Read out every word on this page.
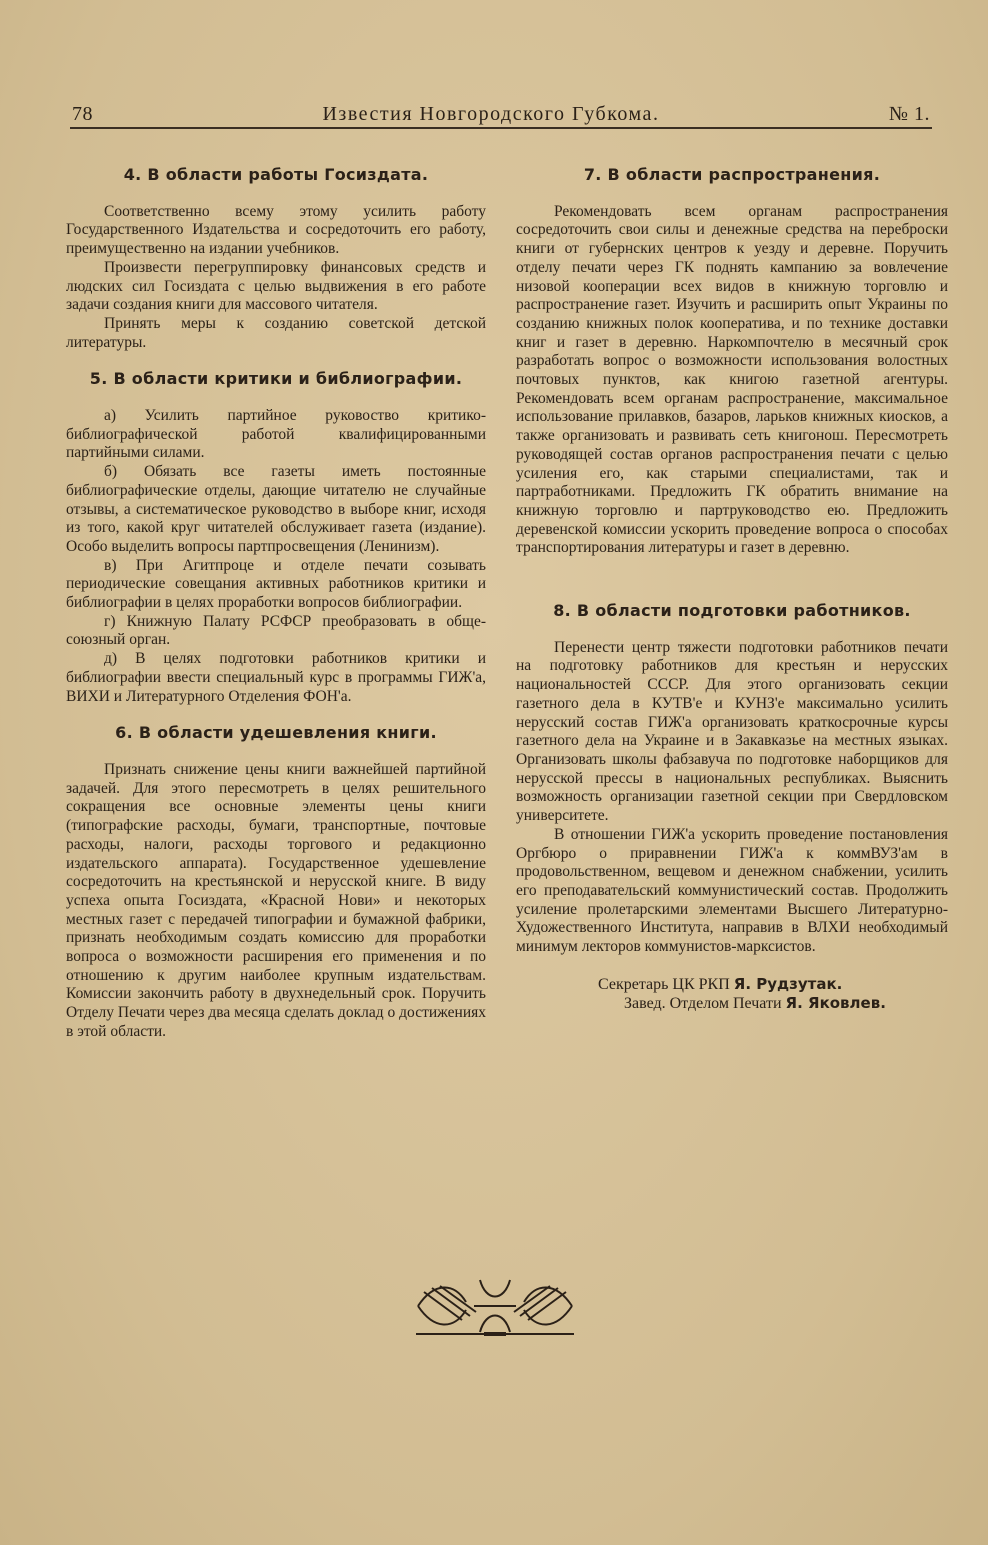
78	Известия Новгородского Губкома.	№ 1.
4. В области работы Госиздата.

Соответственно всему этому усилить работу Государственного Издательства и сосредоточить его работу, преимущественно на издании учебников.

Произвести перегруппировку финансовых средств и людских сил Госиздата с целью выдвижения в его работе задачи создания книги для массового читателя.

Принять меры к созданию советской детской литературы.

5. В области критики и библиографии.

а) Усилить партийное руковоство критико-библиографической работой квалифицированными партийными силами.

б) Обязать все газеты иметь постоянные библиографические отделы, дающие читателю не случайные отзывы, а систематическое руководство в выборе книг, исходя из того, какой круг читателей обслуживает газета (издание). Особо выделить вопросы партпросвещения (Ленинизм).

в) При Агитпроце и отделе печати созывать периодические совещания активных работников критики и библиографии в целях проработки вопросов библиографии.

г) Книжную Палату РСФСР преобразовать в обще-союзный орган.

д) В целях подготовки работников критики и библиографии ввести специальный курс в программы ГИЖ'а, ВИХИ и Литературного Отделения ФОН'а.

6. В области удешевления книги.

Признать снижение цены книги важнейшей партийной задачей. Для этого пересмотреть в целях решительного сокращения все основные элементы цены книги (типографские расходы, бумаги, транспортные, почтовые расходы, налоги, расходы торгового и редакционно издательского аппарата). Государственное удешевление сосредоточить на крестьянской и нерусской книге. В виду успеха опыта Госиздата, «Красной Нови» и некоторых местных газет с передачей типографии и бумажной фабрики, признать необходимым создать комиссию для проработки вопроса о возможности расширения его применения и по отношению к другим наиболее крупным издательствам. Комиссии закончить работу в двухнедельный срок. Поручить Отделу Печати через два месяца сделать доклад о достижениях в этой области.

7. В области распространения.

Рекомендовать всем органам распространения сосредоточить свои силы и денежные средства на переброски книги от губернских центров к уезду и деревне. Поручить отделу печати через ГК поднять кампанию за вовлечение низовой кооперации всех видов в книжную торговлю и распространение газет. Изучить и расширить опыт Украины по созданию книжных полок кооператива, и по технике доставки книг и газет в деревню. Наркомпочтелю в месячный срок разработать вопрос о возможности использования волостных почтовых пунктов, как книгою газетной агентуры. Рекомендовать всем органам распространение, максимальное использование прилавков, базаров, ларьков книжных киосков, а также организовать и развивать сеть книгонош. Пересмотреть руководящей состав органов распространения печати с целью усиления его, как старыми специалистами, так и партработниками. Предложить ГК обратить внимание на книжную торговлю и партруководство ею. Предложить деревенской комиссии ускорить проведение вопроса о способах транспортирования литературы и газет в деревню.

8. В области подготовки работников.

Перенести центр тяжести подготовки работников печати на подготовку работников для крестьян и нерусских национальностей СССР. Для этого организовать секции газетного дела в КУТВ'е и КУНЗ'е максимально усилить нерусский состав ГИЖ'а организовать краткосрочные курсы газетного дела на Украине и в Закавказье на местных языках. Организовать школы фабзавуча по подготовке наборщиков для нерусской прессы в национальных республиках. Выяснить возможность организации газетной секции при Свердловском университете.

В отношении ГИЖ'а ускорить проведение постановления Оргбюро о приравнении ГИЖ'а к коммВУЗ'ам в продовольственном, вещевом и денежном снабжении, усилить его преподавательский коммунистический состав. Продолжить усиление пролетарскими элементами Высшего Литературно-Художественного Института, направив в ВЛХИ необходимый минимум лекторов коммунистов-марксистов.

Секретарь ЦК РКП Я. Рудзутак.

Завед. Отделом Печати Я. Яковлев.
